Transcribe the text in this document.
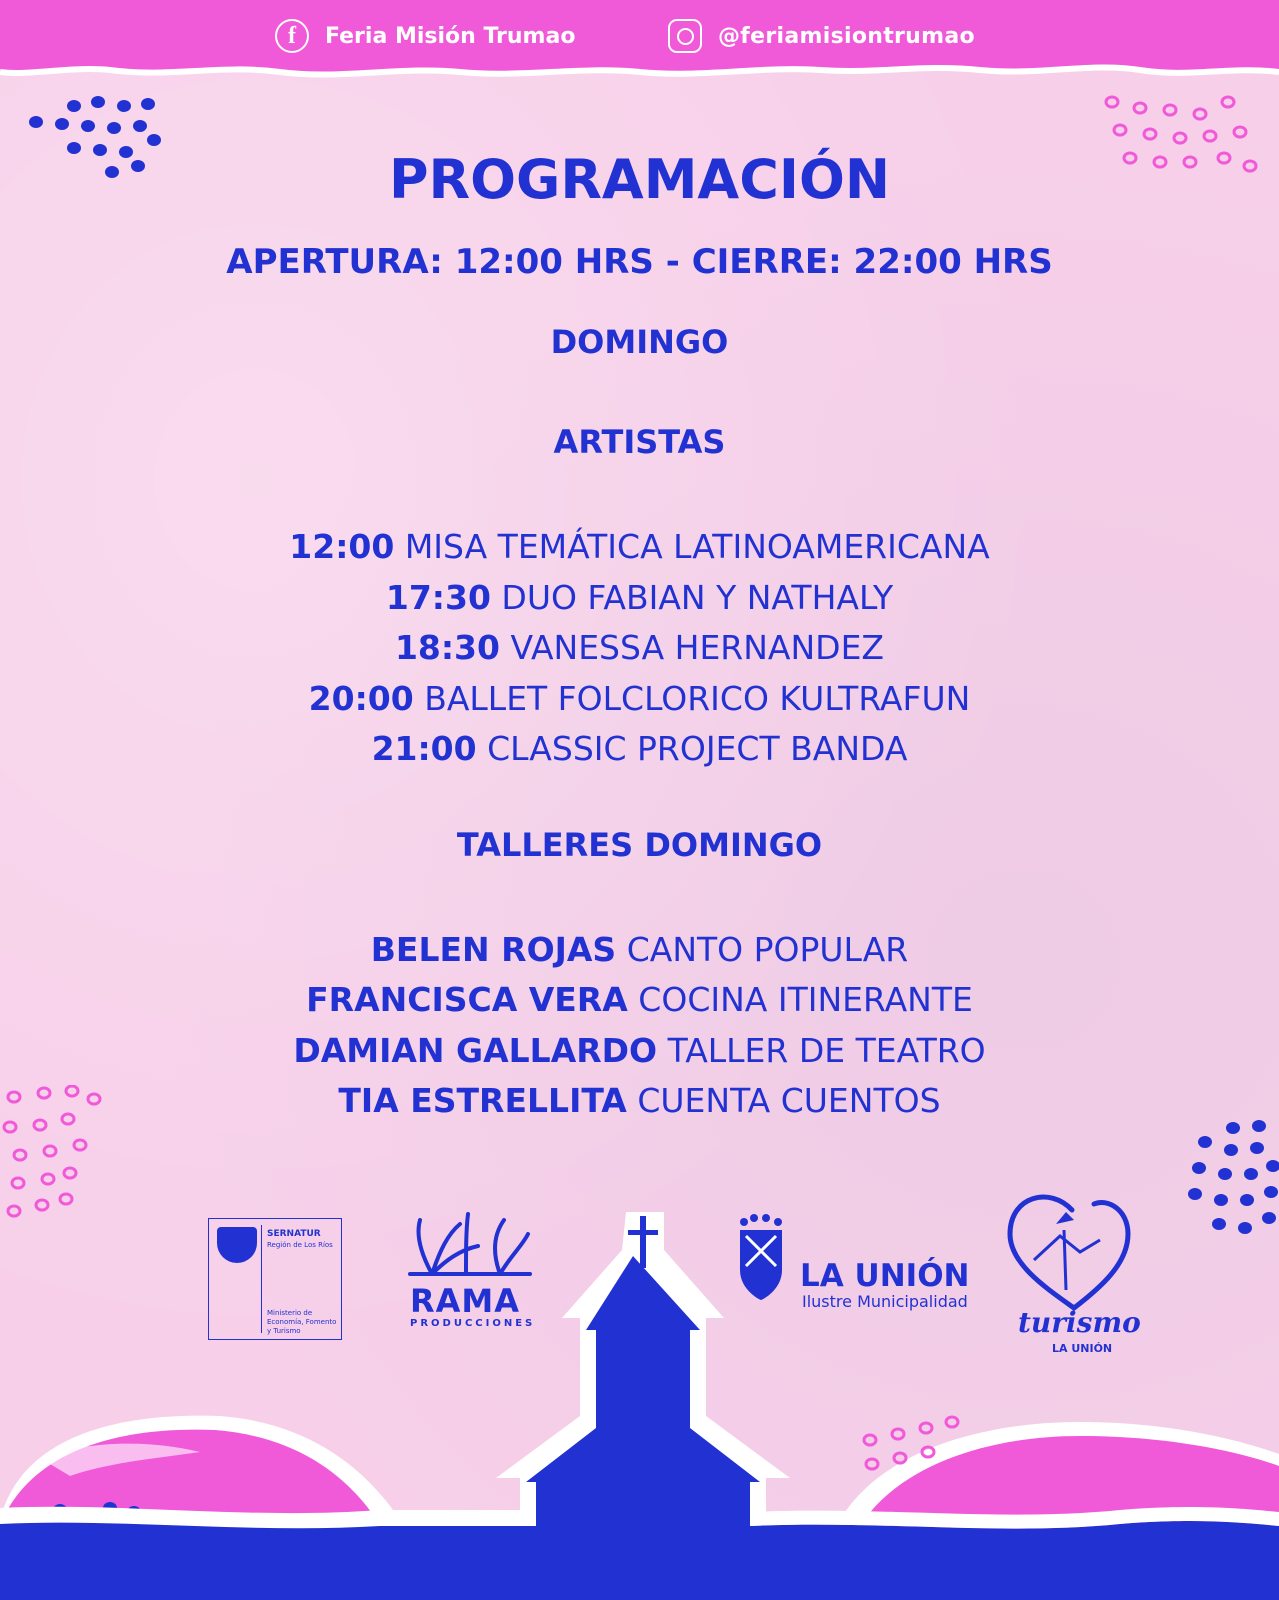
f	Feria Misión Trumao	@feriamisiontrumao
PROGRAMACIÓN
APERTURA: 12:00 HRS - CIERRE: 22:00 HRS
DOMINGO
ARTISTAS
12:00 MISA TEMÁTICA LATINOAMERICANA
17:30 DUO FABIAN Y NATHALY
18:30 VANESSA HERNANDEZ
20:00 BALLET FOLCLORICO KULTRAFUN
21:00 CLASSIC PROJECT BANDA
TALLERES DOMINGO
BELEN ROJAS CANTO POPULAR
FRANCISCA VERA COCINA ITINERANTE
DAMIAN GALLARDO TALLER DE TEATRO
TIA ESTRELLITA CUENTA CUENTOS
SERNATUR
Región de Los Ríos
Ministerio de Economía, Fomento y Turismo
RAMA
PRODUCCIONES
LA UNIÓN
Ilustre Municipalidad
turismo
LA UNIÓN
